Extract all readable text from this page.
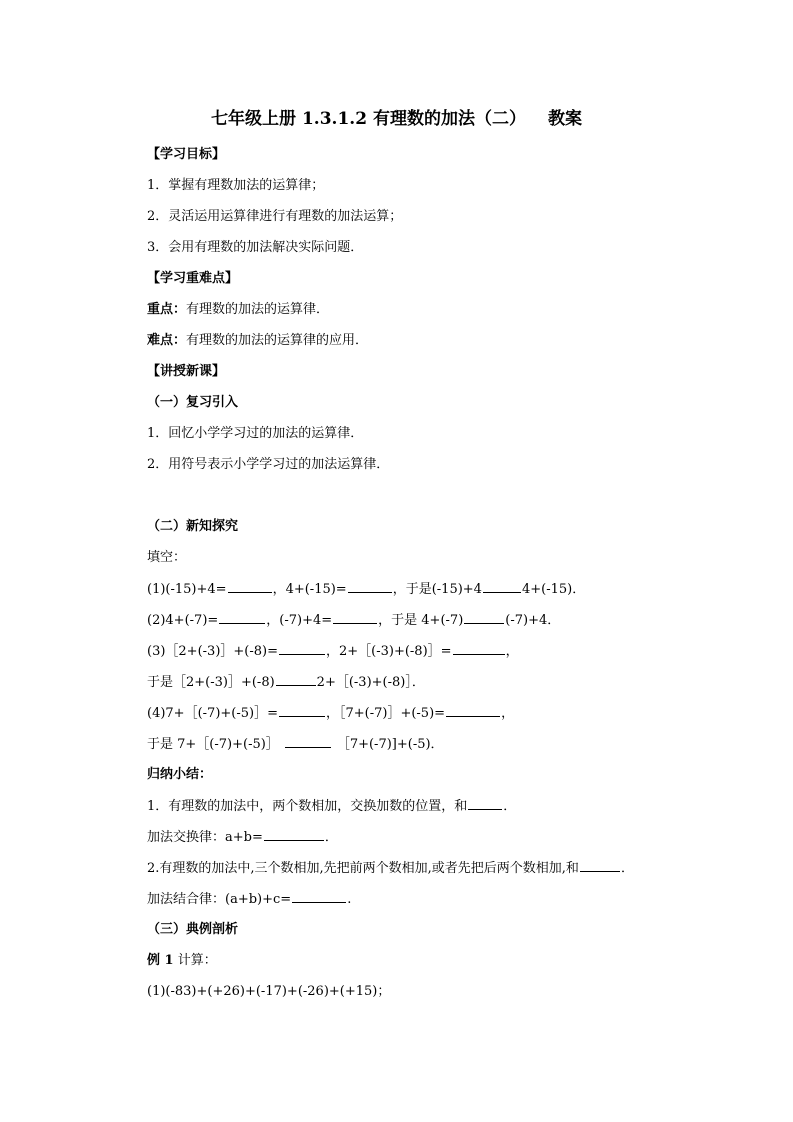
七年级上册 1.3.1.2 有理数的加法（二） 教案
【学习目标】
1．掌握有理数加法的运算律；
2．灵活运用运算律进行有理数的加法运算；
3．会用有理数的加法解决实际问题．
【学习重难点】
重点：有理数的加法的运算律．
难点：有理数的加法的运算律的应用．
【讲授新课】
（一）复习引入
1．回忆小学学习过的加法的运算律．
2．用符号表示小学学习过的加法运算律．
（二）新知探究
填空：
(1)(-15)+4=	，4+(-15)=	，于是(-15)+4	4+(-15)．
(2)4+(-7)=	，(-7)+4=	，于是 4+(-7)	(-7)+4．
(3)［2+(-3)］+(-8)=	，2+［(-3)+(-8)］=	，
于是［2+(-3)］+(-8)	2+［(-3)+(-8)］．
(4)7+［(-7)+(-5)］=	，［7+(-7)］+(-5)=	，
于是 7+［(-7)+(-5)］	［7+(-7)]+(-5)．
归纳小结：
1．有理数的加法中，两个数相加，交换加数的位置，和	．
加法交换律：a+b=	．
2.有理数的加法中,三个数相加,先把前两个数相加,或者先把后两个数相加,和	．
加法结合律：(a+b)+c=	.
（三）典例剖析
例 1 计算：
(1)(-83)+(+26)+(-17)+(-26)+(+15)；
